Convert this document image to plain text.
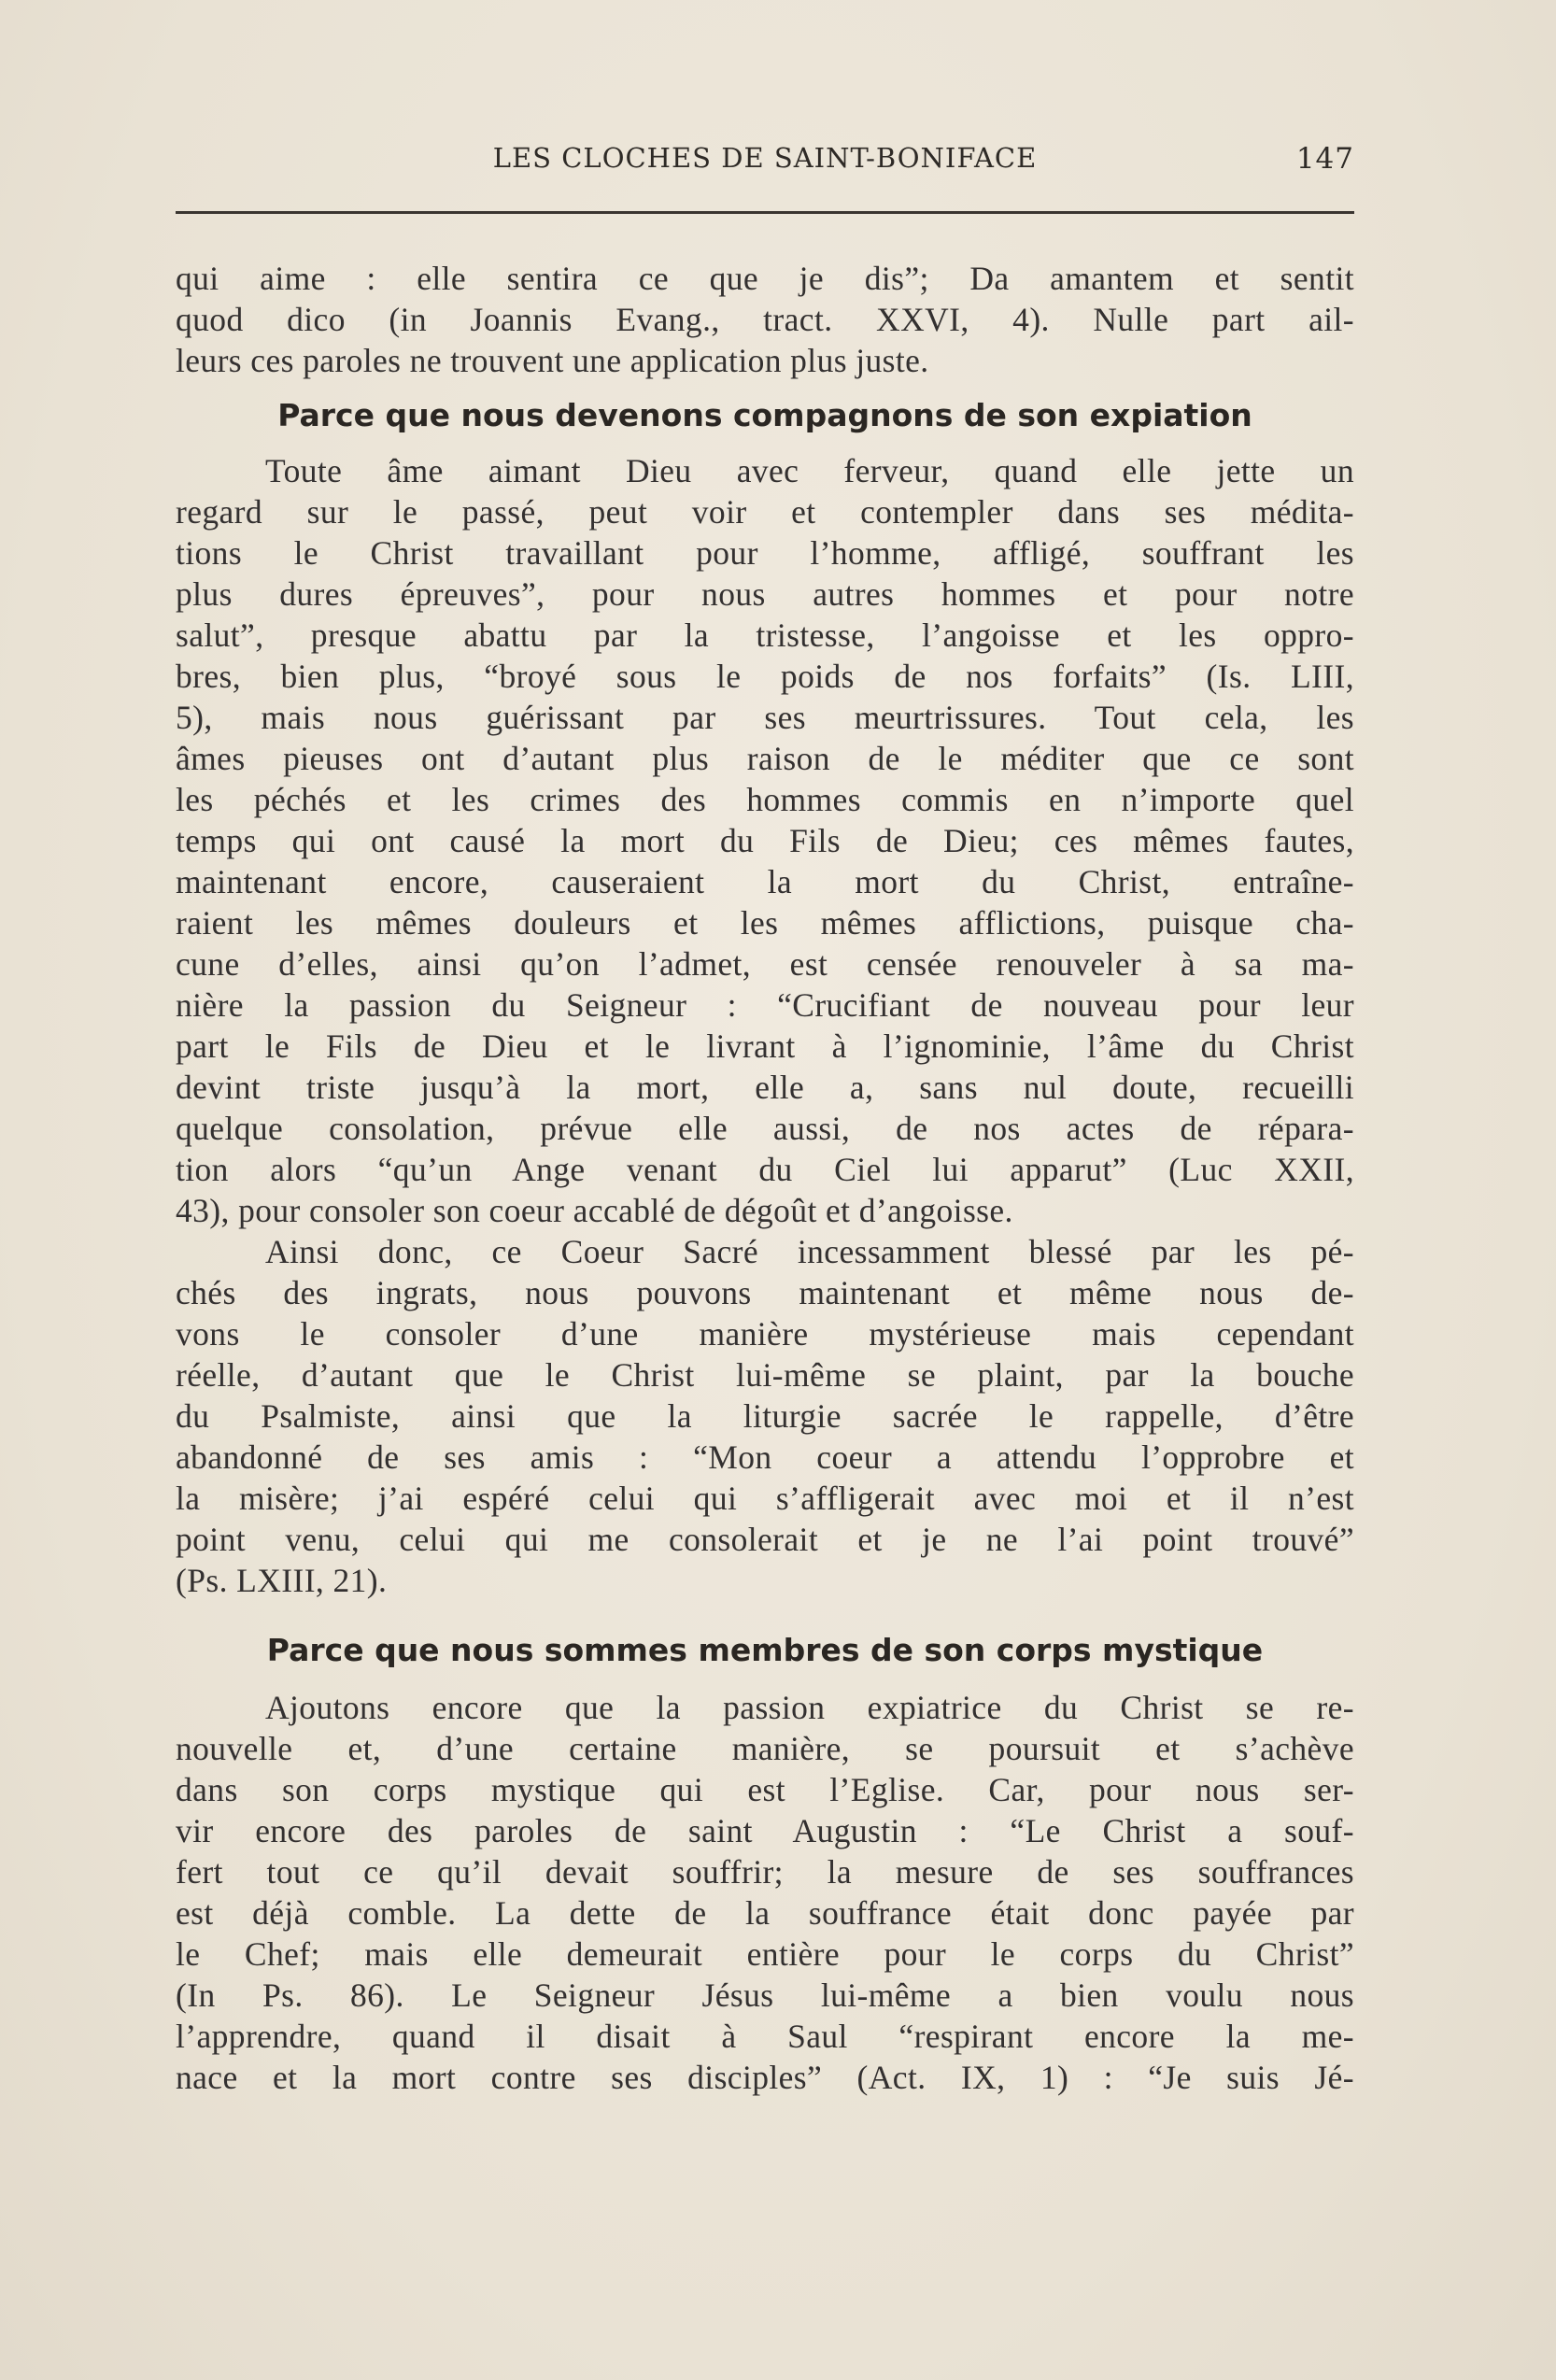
LES CLOCHES DE SAINT-BONIFACE	147
qui aime : elle sentira ce que je dis”; Da amantem et sentit
quod dico (in Joannis Evang., tract. XXVI, 4). Nulle part ail-
leurs ces paroles ne trouvent une application plus juste.
Parce que nous devenons compagnons de son expiation
Toute âme aimant Dieu avec ferveur, quand elle jette un
regard sur le passé, peut voir et contempler dans ses médita-
tions le Christ travaillant pour l’homme, affligé, souffrant les
plus dures épreuves”, pour nous autres hommes et pour notre
salut”, presque abattu par la tristesse, l’angoisse et les oppro-
bres, bien plus, “broyé sous le poids de nos forfaits” (Is. LIII,
5), mais nous guérissant par ses meurtrissures. Tout cela, les
âmes pieuses ont d’autant plus raison de le méditer que ce sont
les péchés et les crimes des hommes commis en n’importe quel
temps qui ont causé la mort du Fils de Dieu; ces mêmes fautes,
maintenant encore, causeraient la mort du Christ, entraîne-
raient les mêmes douleurs et les mêmes afflictions, puisque cha-
cune d’elles, ainsi qu’on l’admet, est censée renouveler à sa ma-
nière la passion du Seigneur : “Crucifiant de nouveau pour leur
part le Fils de Dieu et le livrant à l’ignominie, l’âme du Christ
devint triste jusqu’à la mort, elle a, sans nul doute, recueilli
quelque consolation, prévue elle aussi, de nos actes de répara-
tion alors “qu’un Ange venant du Ciel lui apparut” (Luc XXII,
43), pour consoler son coeur accablé de dégoût et d’angoisse.
Ainsi donc, ce Coeur Sacré incessamment blessé par les pé-
chés des ingrats, nous pouvons maintenant et même nous de-
vons le consoler d’une manière mystérieuse mais cependant
réelle, d’autant que le Christ lui-même se plaint, par la bouche
du Psalmiste, ainsi que la liturgie sacrée le rappelle, d’être
abandonné de ses amis : “Mon coeur a attendu l’opprobre et
la misère; j’ai espéré celui qui s’affligerait avec moi et il n’est
point venu, celui qui me consolerait et je ne l’ai point trouvé”
(Ps. LXIII, 21).
Parce que nous sommes membres de son corps mystique
Ajoutons encore que la passion expiatrice du Christ se re-
nouvelle et, d’une certaine manière, se poursuit et s’achève
dans son corps mystique qui est l’Eglise. Car, pour nous ser-
vir encore des paroles de saint Augustin : “Le Christ a souf-
fert tout ce qu’il devait souffrir; la mesure de ses souffrances
est déjà comble. La dette de la souffrance était donc payée par
le Chef; mais elle demeurait entière pour le corps du Christ”
(In Ps. 86). Le Seigneur Jésus lui-même a bien voulu nous
l’apprendre, quand il disait à Saul “respirant encore la me-
nace et la mort contre ses disciples” (Act. IX, 1) : “Je suis Jé-
